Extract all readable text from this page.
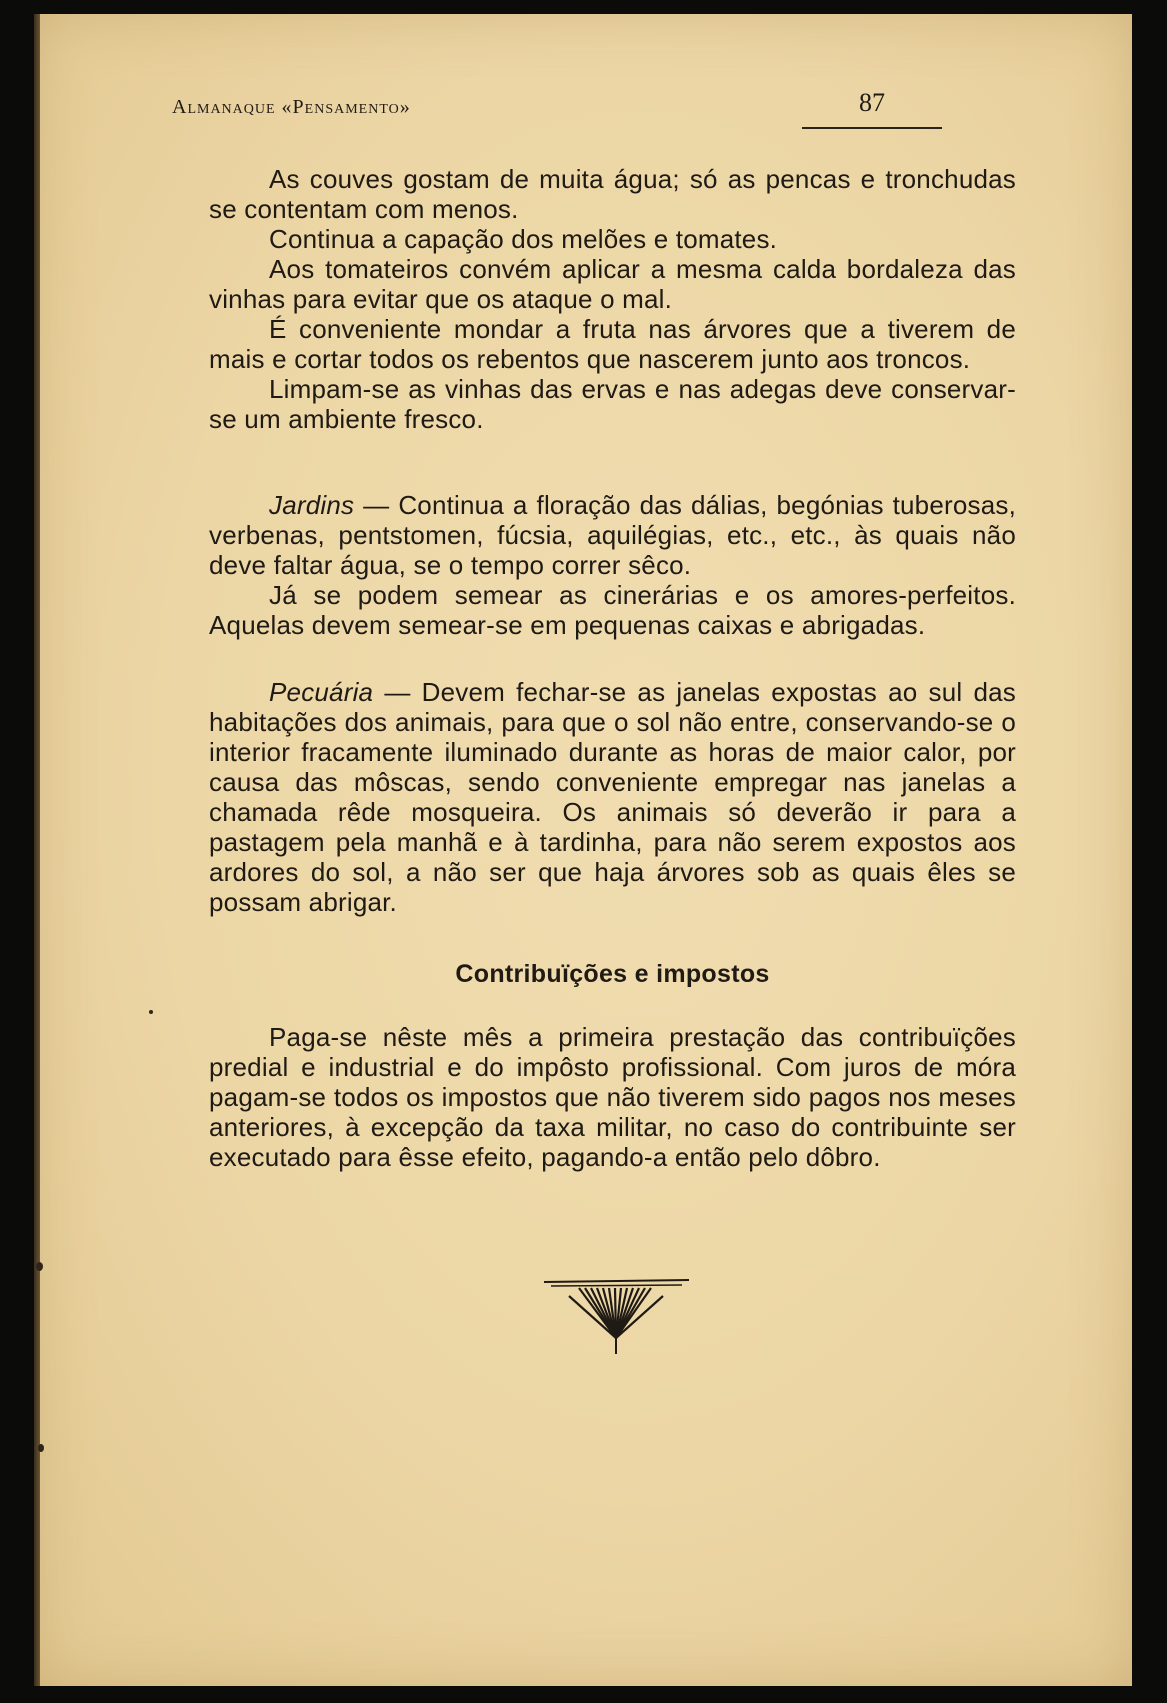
Almanaque «Pensamento»	87

As couves gostam de muita água; só as pencas e tronchudas se contentam com menos.

Continua a capação dos melões e tomates.

Aos tomateiros convém aplicar a mesma calda bordaleza das vinhas para evitar que os ataque o mal.

É conveniente mondar a fruta nas árvores que a tiverem de mais e cortar todos os rebentos que nascerem junto aos troncos.

Limpam-se as vinhas das ervas e nas adegas deve conservar-se um ambiente fresco.

Jardins — Continua a floração das dálias, begónias tuberosas, verbenas, pentstomen, fúcsia, aquilégias, etc., etc., às quais não deve faltar água, se o tempo correr sêco.

Já se podem semear as cinerárias e os amores-perfeitos. Aquelas devem semear-se em pequenas caixas e abrigadas.

Pecuária — Devem fechar-se as janelas expostas ao sul das habitações dos animais, para que o sol não entre, conservando-se o interior fracamente iluminado durante as horas de maior calor, por causa das môscas, sendo conveniente empregar nas janelas a chamada rêde mosqueira. Os animais só deverão ir para a pastagem pela manhã e à tardinha, para não serem expostos aos ardores do sol, a não ser que haja árvores sob as quais êles se possam abrigar.

Contribuïções e impostos

Paga-se nêste mês a primeira prestação das contribuïções predial e industrial e do impôsto profissional. Com juros de móra pagam-se todos os impostos que não tiverem sido pagos nos meses anteriores, à excepção da taxa militar, no caso do contribuinte ser executado para êsse efeito, pagando-a então pelo dôbro.
